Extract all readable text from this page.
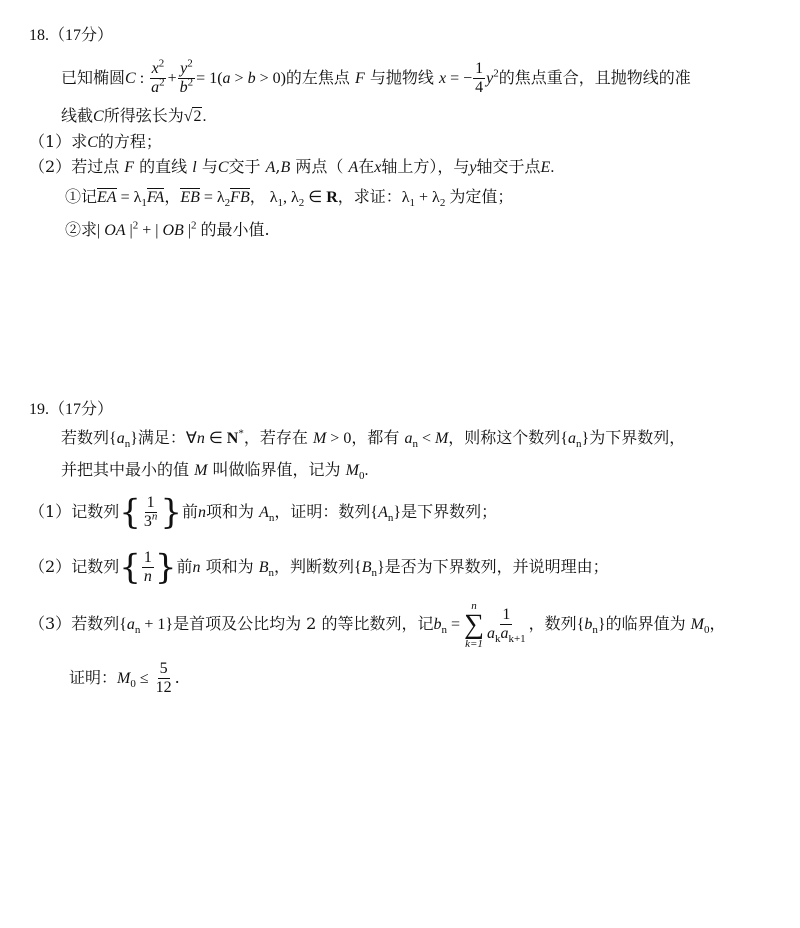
18.（17分）
已知椭圆C : $\frac{x^2}{a^2} + \frac{y^2}{b^2} = 1(a > b > 0)$的左焦点 F 与抛物线 x = − $\frac{1}{4} y^2$的焦点重合，且抛物线的准
线截C所得弦长为√2.
（1）求C的方程；
（2）若过点 F 的直线 l 与C交于 A,B 两点（ A在x轴上方），与y轴交于点E.
①记EA = $\lambda_1FA$，EB = $\lambda_2FB$， $\lambda_1$, $\lambda_2$ ∈ R，求证：$\lambda_1 + \lambda_2$ 为定值；
②求| OA $|^2$ + | OB $|^2$ 的最小值.
19.（17分）
若数列$\{a_n\}$满足：∀n ∈ N*，若存在 M > 0，都有 $a_n < M$，则称这个数列$\{a_n\}$为下界数列，
并把其中最小的值 M 叫做临界值，记为 $M_0$.
（1）记数列{ $\frac{1}{3^n}$ }前n项和为 $A_n$，证明：数列$\{A_n\}$是下界数列；
（2）记数列{ $\frac{1}{n}$ }前n 项和为 $B_n$，判断数列$\{B_n\}$是否为下界数列，并说明理由；
（3）若数列$\{a_n + 1\}$是首项及公比均为 2 的等比数列，记$b_n$ =
n
∑
k=1
$\frac{1}{a_ka_{k+1}}$ ，数列$\{b_n\}$的临界值为 $M_0$，
证明：$M_0 \le \frac{5}{12}$ .
